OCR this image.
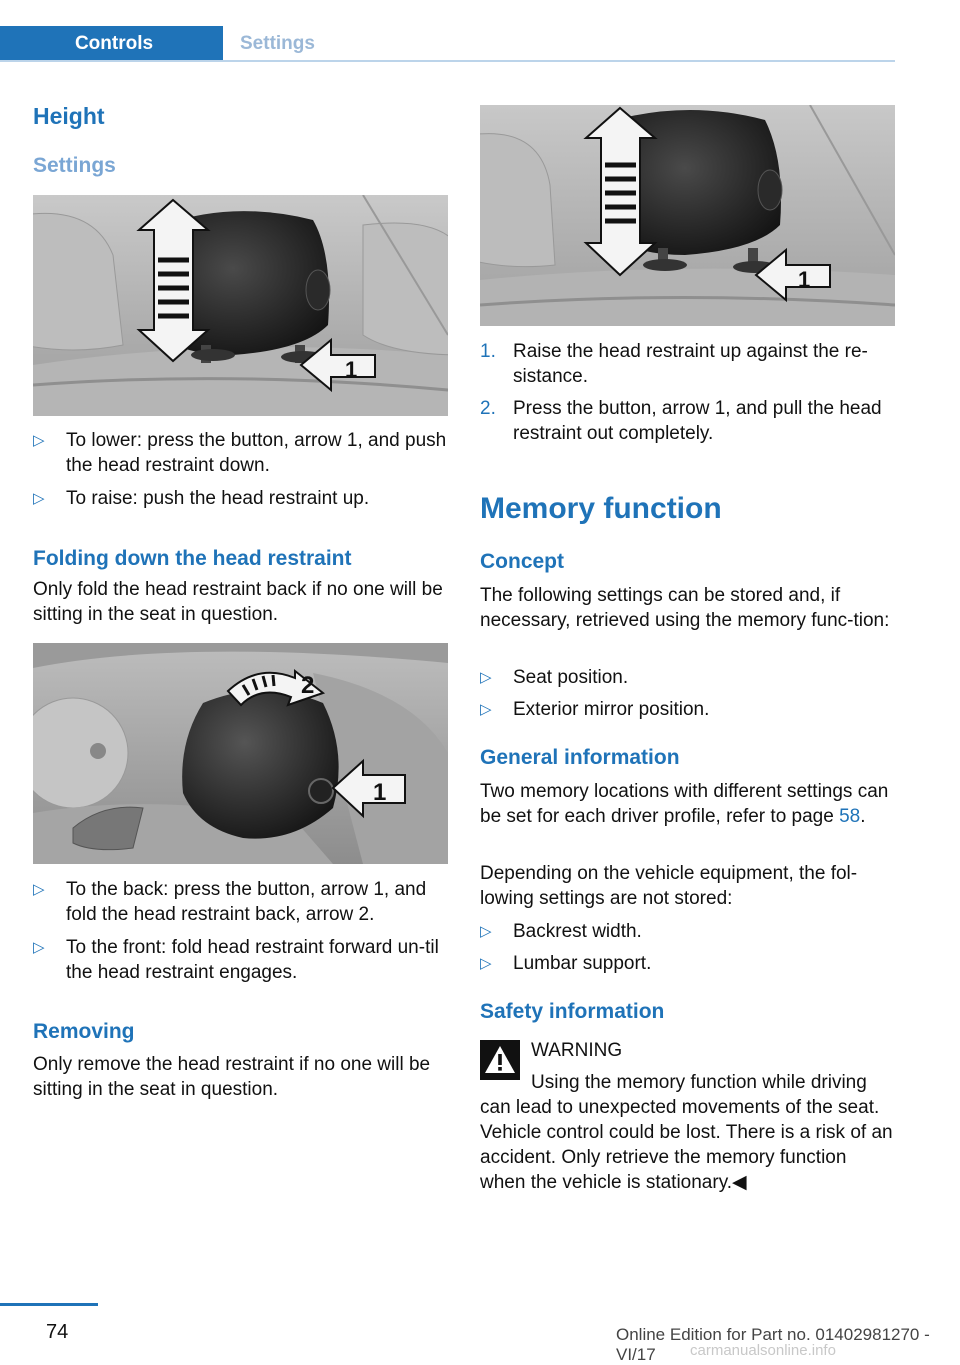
Controls	Settings
Height
Settings
1
▷ To lower: press the button, arrow 1, and push the head restraint down.
▷ To raise: push the head restraint up.
Folding down the head restraint

Only fold the head restraint back if no one will be sitting in the seat in question.

2
1
▷ To the back: press the button, arrow 1, and fold the head restraint back, arrow 2.
▷ To the front: fold head restraint forward un-til the head restraint engages.
Removing

Only remove the head restraint if no one will be sitting in the seat in question.

1
1. Raise the head restraint up against the re-sistance.
2. Press the button, arrow 1, and pull the head restraint out completely.
Memory function
Concept

The following settings can be stored and, if necessary, retrieved using the memory func-tion:

▷ Seat position.
▷ Exterior mirror position.
General information

Two memory locations with different settings can be set for each driver profile, refer to page 58.

Depending on the vehicle equipment, the fol-lowing settings are not stored:

▷ Backrest width.
▷ Lumbar support.
Safety information
WARNING
Using the memory function while driving

can lead to unexpected movements of the seat. Vehicle control could be lost. There is a risk of an accident. Only retrieve the memory function when the vehicle is stationary.◀

74	Online Edition for Part no. 01402981270 - VI/17	carmanualsonline.info
